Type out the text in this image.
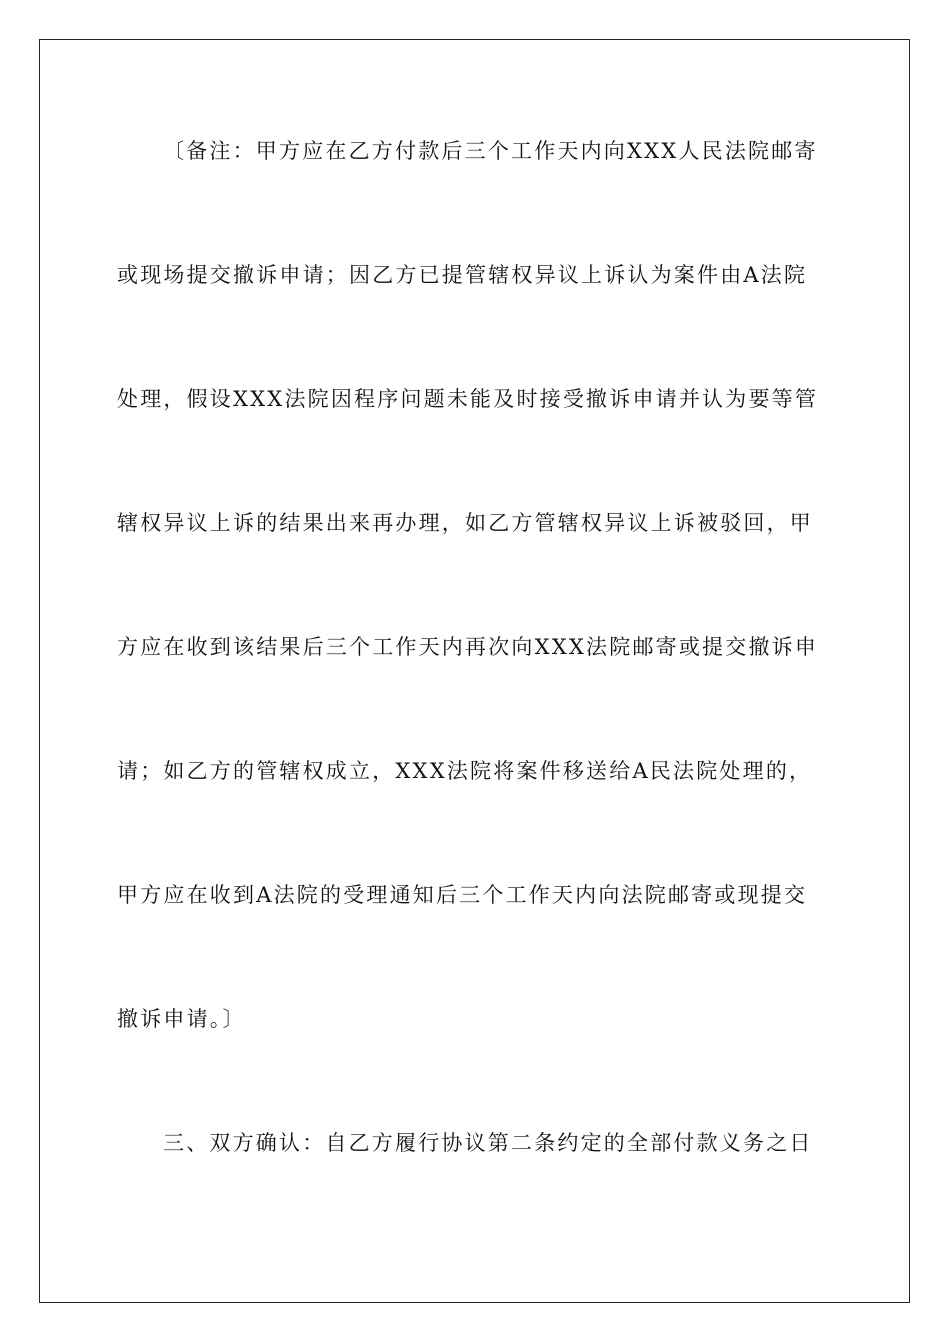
〔备注：甲方应在乙方付款后三个工作天内向XXX人民法院邮寄
或现场提交撤诉申请；因乙方已提管辖权异议上诉认为案件由A法院
处理，假设XXX法院因程序问题未能及时接受撤诉申请并认为要等管
辖权异议上诉的结果出来再办理，如乙方管辖权异议上诉被驳回，甲
方应在收到该结果后三个工作天内再次向XXX法院邮寄或提交撤诉申
请；如乙方的管辖权成立，XXX法院将案件移送给A民法院处理的，
甲方应在收到A法院的受理通知后三个工作天内向法院邮寄或现提交
撤诉申请。〕
三、双方确认：自乙方履行协议第二条约定的全部付款义务之日
